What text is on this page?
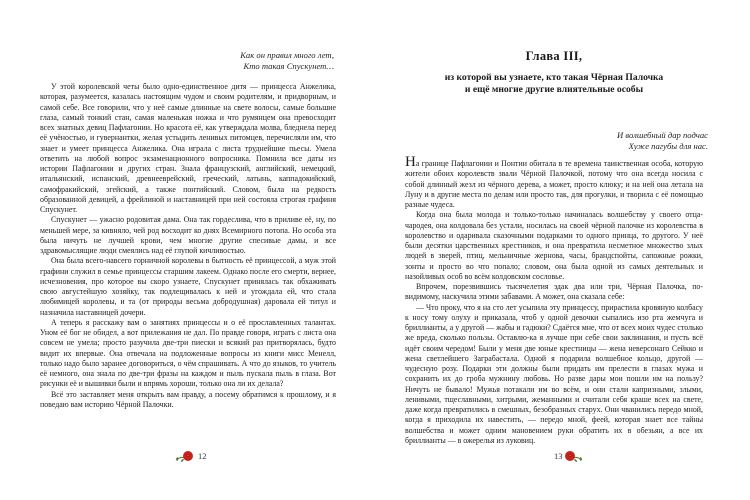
Как он правил много лет,
Кто такая Спускунет…

У этой королевской четы было одно-единственное дитя — принцесса Анжелика, которая, разумеется, казалась настоящим чудом и своим родителям, и придворным, и самой себе. Все говорили, что у неё самые длинные на свете волосы, самые большие глаза, самый тонкий стан, самая маленькая ножка и что румянцем она превосходит всех знатных девиц Пафлагонии. Но красота её, как утверждала молва, бледнела перед её учёностью, и гувернантки, желая устыдить ленивых питомцев, перечисляли им, что знает и умеет принцесса Анжелика. Она играла с листа труднейшие пьесы. Умела ответить на любой вопрос экзаменационного вопросника. Помнила все даты из истории Пафлагонии и других стран. Знала французский, английский, немецкий, итальянский, испанский, древнееврейский, греческий, латынь, каппадокийский, самофракийский, эгейский, а также понтийский. Словом, была на редкость образованной девицей, а фрейлиной и наставницей при ней состояла строгая графиня Спускунет.

Спускунет — ужасно родовитая дама. Она так гордеслива, что в приливе её, ну, по меньшей мере, за кивняло, чей род восходит ко днях Всемирного потопа. Но особа эта была ничуть не лучшей крови, чем многие другие спесивые дамы, и все здравомыслящие люди смеялись над её глупой кичливостью.

Она была всего-навсего горничной королевы в бытность её принцессой, а муж этой графини служил в семье принцессы старшим лакеем. Однако после его смерти, вернее, исчезновения, про которое вы скоро узнаете, Спускунет принялась так обхаживать свою августейшую хозяйку, так подлещивалась к ней и угождала ей, что стала любимицей королевы, и та (от природы весьма добродушная) даровала ей титул и назначила наставницей дочери.

А теперь я расскажу вам о занятиях принцессы и о её прославленных талантах. Уном её бог не обидел, а вот прилежания не дал. По правде говоря, играть с листа она совсем не умела; просто разучила две-три пиески и всякий раз притворялась, будто видит их впервые. Она отвечала на подложенные вопросы из книги мисс Менелл, только надо было заранее договориться, о чём спрашивать. А что до языков, то учитель её немного, она знала по две-три фразы на каждом и пыль пускала пыль в глаза. Вот рисунки её и вышивки были и впрямь хороши, только она ли их делала?

Всё это заставляет меня открыть вам правду, а посему обратимся к прошлому, и я поведаю вам историю Чёрной Палочки.

12
Глава III,
из которой вы узнаете, кто такая Чёрная Палочка
и ещё многие другие влиятельные особы
И волшебный дар подчас
Хуже пагубы для нас.

На границе Пафлагонии и Понтии обитала в те времена таинственная особа, которую жители обоих королевств звали Чёрной Палочкой, потому что она всегда носила с собой длинный жезл из чёрного дерева, а может, просто клюку; и на ней она летала на Луну и в другие места по делам или просто так, для прогулки, и творила с её помощью разные чудеса.

Когда она была молода и только-только начиналась волшебству у своего отца-чародея, она колдовала без устали, носилась на своей чёрной палочке из королевства в королевство и одаривала сказочными подарками то одного принца, то другого. У неё были десятки царственных крестников, и она превратила несметное множество злых людей в зверей, птиц, мельничные жернова, часы, брандспойты, сапожные рожки, зонты и просто во что попало; словом, она была одной из самых деятельных и назойливых особ во всём колдовском сословье.

Впрочем, порезвившись тысячелетия эдак два или три, Чёрная Палочка, по-видимому, наскучила этими забавами. А может, она сказала себе:

— Что проку, что я на сто лет усыпила эту принцессу, прирастила кровяную колбасу к носу тому олуху и приказала, чтоб у одной девочки сыпались изо рта жемчуга и бриллианты, а у другой — жабы и гадюки? Сдаётся мне, что от всех моих чудес столько же вреда, сколько пользы. Оставлю-ка я лучше при себе свои заклинания, и пусть всё идёт своим чередом! Были у меня две юные крестницы — жена неверсонаго Сейкко и жена светлейшего Заграбастала. Одной я подарила волшебное кольцо, другой — чудесную розу. Подарки эти должны были придать им прелести в глазах мужа и сохранить их до гроба мужнину любовь. Но разве дары мои пошли им на пользу? Ничуть не бывало! Мужья потакали им во всём, и они стали капризными, злыми, ленивыми, тщеславными, хитрыми, жеманными и считали себя краше всех на свете, даже когда превратились в смешных, безобразных старух. Они чванились передо мной, когда я приходила их навестить, — передо мной, феей, которая знает все тайны волшебства и может одним мановением руки обратить их в обезьян, а все их бриллианты — в ожерелья из луковиц.

13
